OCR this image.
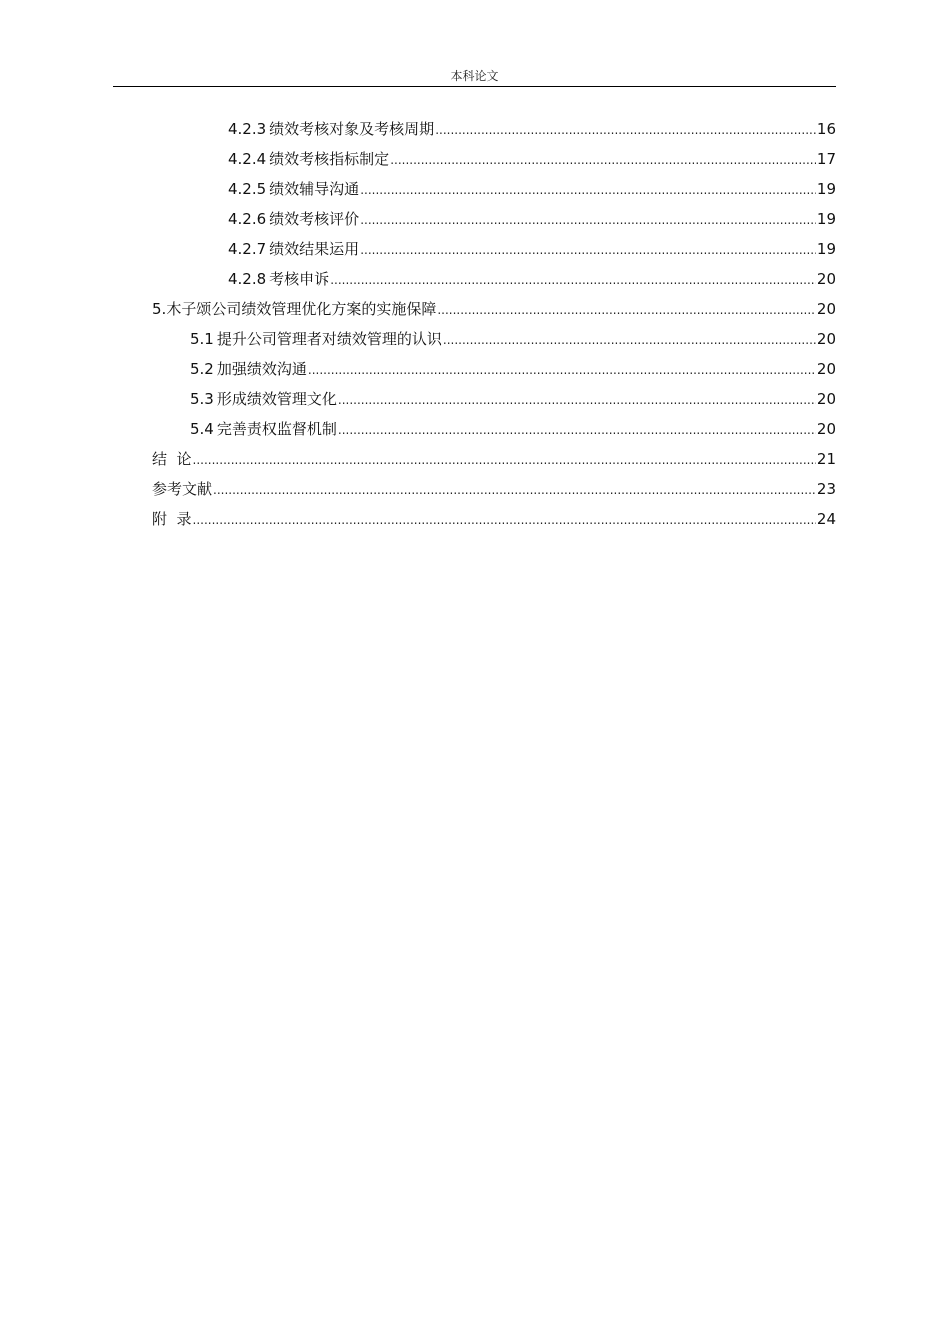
本科论文
4.2.3 绩效考核对象及考核周期 .....	16
4.2.4 绩效考核指标制定 .....	17
4.2.5 绩效辅导沟通 .....	19
4.2.6 绩效考核评价 .....	19
4.2.7 绩效结果运用 .....	19
4.2.8 考核申诉 .....	20
5.木子颂公司绩效管理优化方案的实施保障 .....	20
5.1 提升公司管理者对绩效管理的认识 .....	20
5.2 加强绩效沟通 .....	20
5.3 形成绩效管理文化 .....	20
5.4 完善责权监督机制 .....	20
结  论 .....	21
参考文献 .....	23
附  录 .....	24
